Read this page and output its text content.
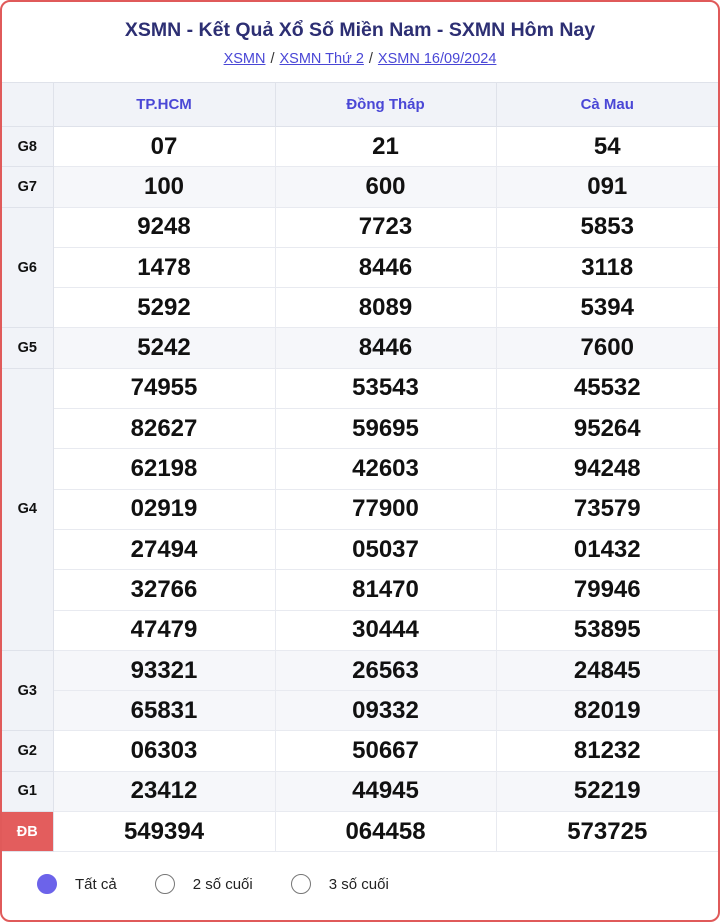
XSMN - Kết Quả Xổ Số Miền Nam - SXMN Hôm Nay
XSMN / XSMN Thứ 2 / XSMN 16/09/2024
	TP.HCM	Đồng Tháp	Cà Mau
G8	07	21	54
G7	100	600	091
G6	9248	7723	5853
	1478	8446	3118
	5292	8089	5394
G5	5242	8446	7600
G4	74955	53543	45532
	82627	59695	95264
	62198	42603	94248
	02919	77900	73579
	27494	05037	01432
	32766	81470	79946
	47479	30444	53895
G3	93321	26563	24845
	65831	09332	82019
G2	06303	50667	81232
G1	23412	44945	52219
ĐB	549394	064458	573725
Tất cả	2 số cuối	3 số cuối
